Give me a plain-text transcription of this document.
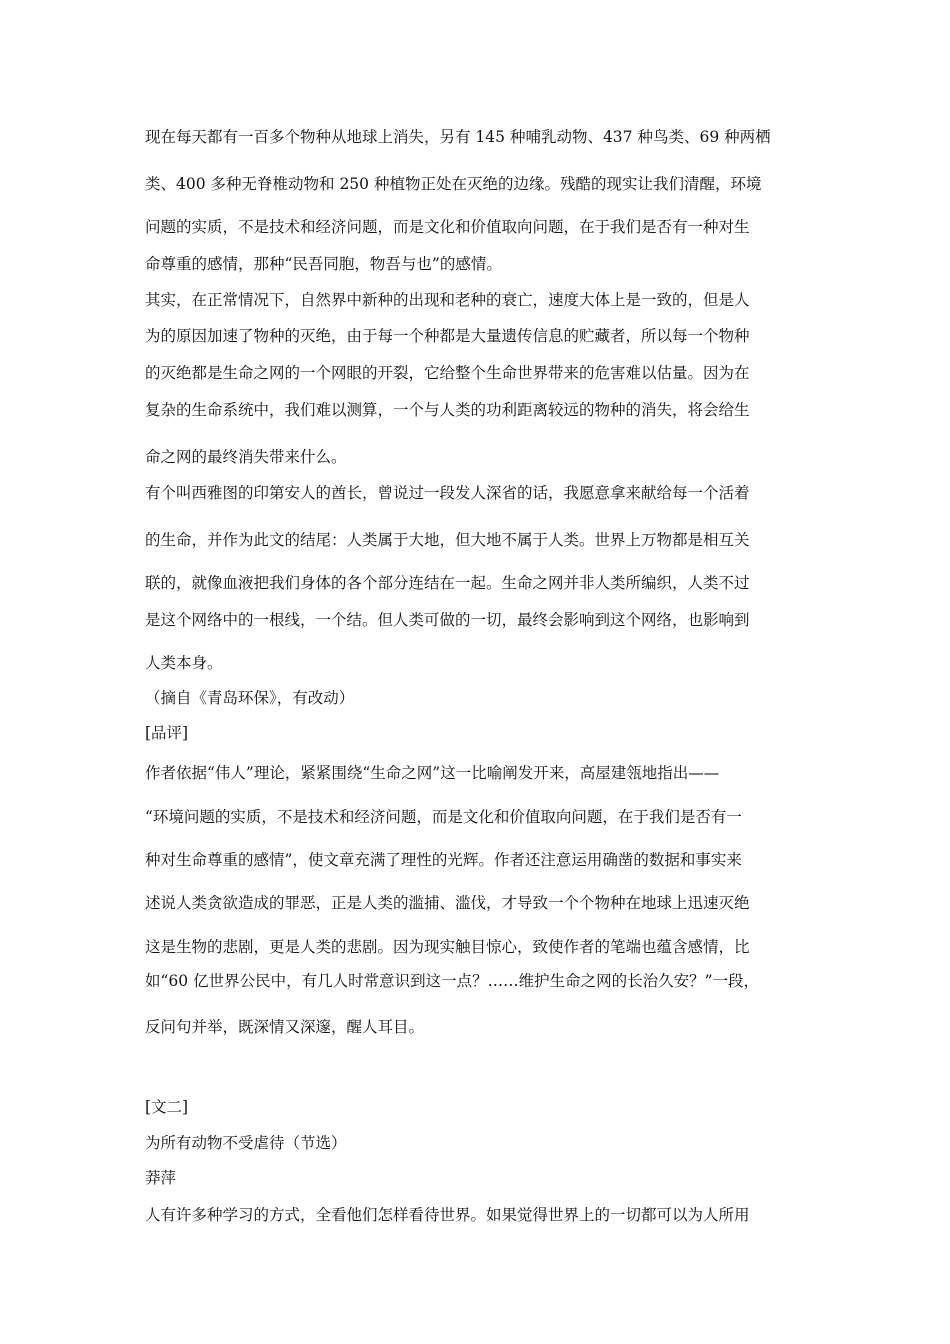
现在每天都有一百多个物种从地球上消失，另有 145 种哺乳动物、437 种鸟类、69 种两栖
类、400 多种无脊椎动物和 250 种植物正处在灭绝的边缘。残酷的现实让我们清醒，环境
问题的实质，不是技术和经济问题，而是文化和价值取向问题，在于我们是否有一种对生
命尊重的感情，那种“民吾同胞，物吾与也”的感情。
其实，在正常情况下，自然界中新种的出现和老种的衰亡，速度大体上是一致的，但是人
为的原因加速了物种的灭绝，由于每一个种都是大量遗传信息的贮藏者，所以每一个物种
的灭绝都是生命之网的一个网眼的开裂，它给整个生命世界带来的危害难以估量。因为在
复杂的生命系统中，我们难以测算，一个与人类的功利距离较远的物种的消失，将会给生
命之网的最终消失带来什么。
有个叫西雅图的印第安人的酋长，曾说过一段发人深省的话，我愿意拿来献给每一个活着
的生命，并作为此文的结尾：人类属于大地，但大地不属于人类。世界上万物都是相互关
联的，就像血液把我们身体的各个部分连结在一起。生命之网并非人类所编织，人类不过
是这个网络中的一根线，一个结。但人类可做的一切，最终会影响到这个网络，也影响到
人类本身。
（摘自《青岛环保》，有改动）
[品评]
作者依据“伟人”理论，紧紧围绕“生命之网”这一比喻阐发开来，高屋建瓴地指出——
“环境问题的实质，不是技术和经济问题，而是文化和价值取向问题，在于我们是否有一
种对生命尊重的感情”，使文章充满了理性的光辉。作者还注意运用确凿的数据和事实来
述说人类贪欲造成的罪恶，正是人类的滥捕、滥伐，才导致一个个物种在地球上迅速灭绝
这是生物的悲剧，更是人类的悲剧。因为现实触目惊心，致使作者的笔端也蕴含感情，比
如“60 亿世界公民中，有几人时常意识到这一点？……维护生命之网的长治久安？”一段，
反问句并举，既深情又深邃，醒人耳目。
[文二]
为所有动物不受虐待（节选）
莽萍
人有许多种学习的方式，全看他们怎样看待世界。如果觉得世界上的一切都可以为人所用
